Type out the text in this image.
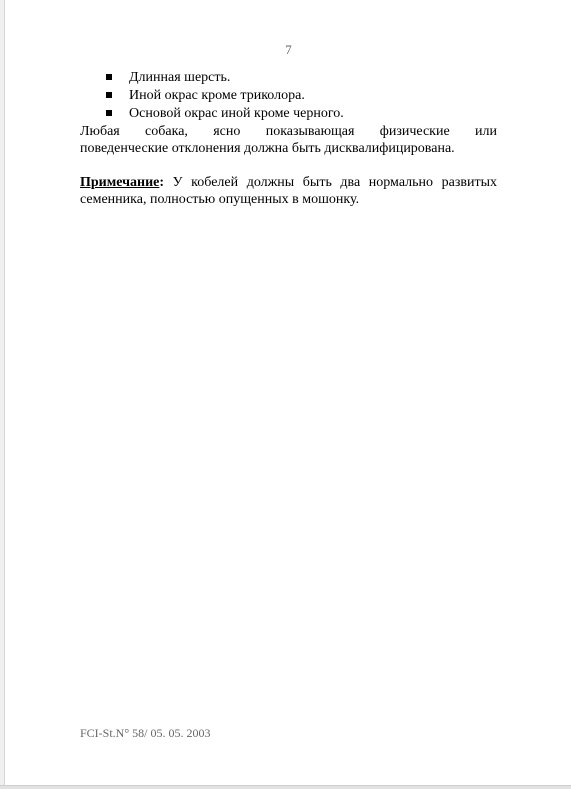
7
Длинная шерсть.
Иной окрас кроме триколора.
Основой окрас иной кроме черного.

Любая собака, ясно показывающая физические или
поведенческие отклонения должна быть дисквалифицирована.

Примечание: У кобелей должны быть два нормально развитых
семенника, полностью опущенных в мошонку.

FCI-St.N° 58/ 05. 05. 2003
